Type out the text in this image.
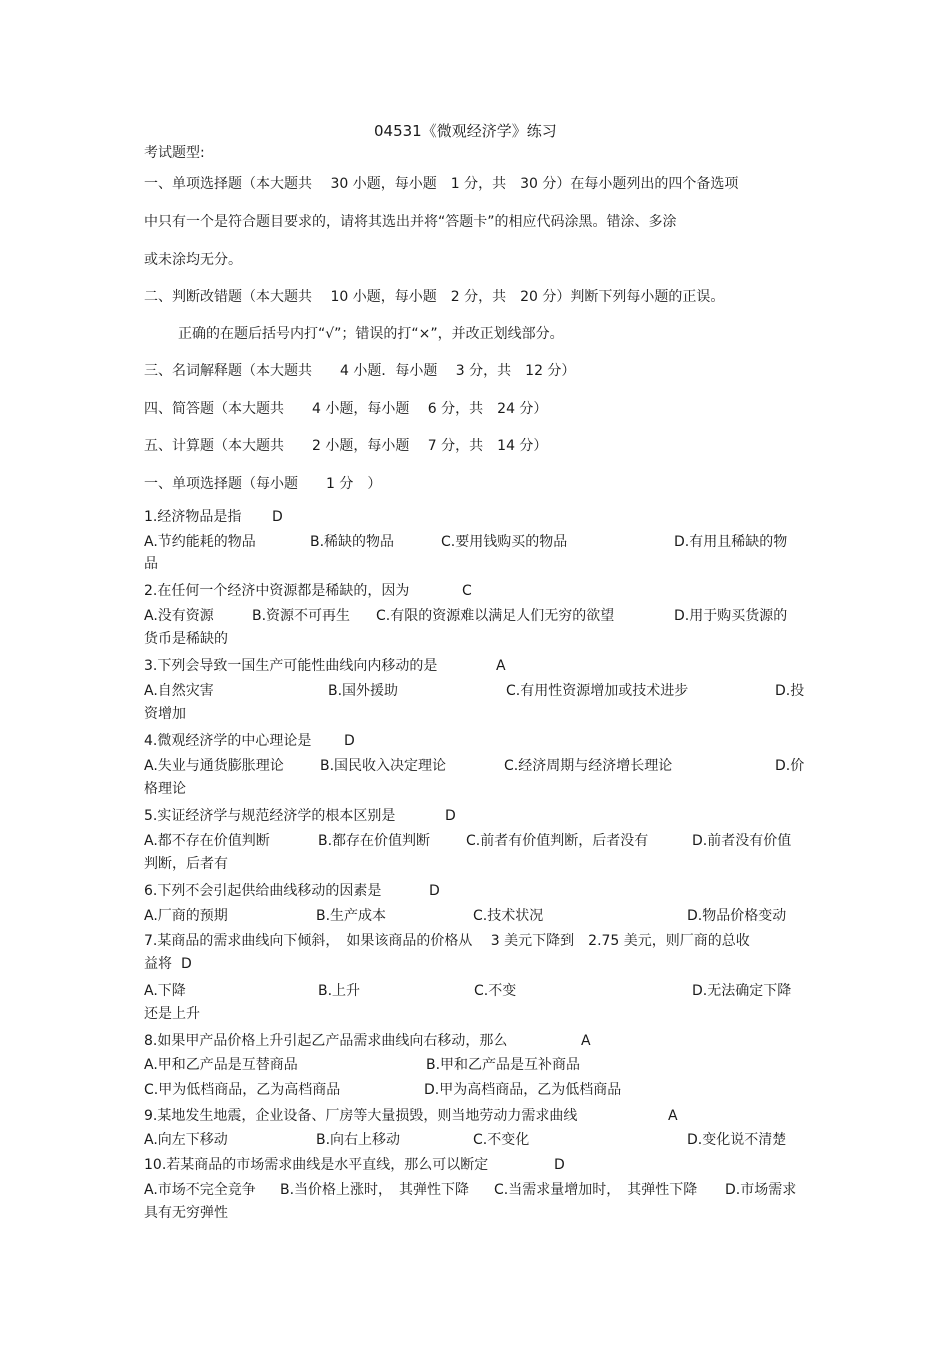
04531《微观经济学》练习
考试题型:
一、单项选择题（本大题共　 30 小题，每小题　1 分，共　30 分）在每小题列出的四个备选项
中只有一个是符合题目要求的，请将其选出并将“答题卡”的相应代码涂黑。错涂、多涂
或未涂均无分。
二、判断改错题（本大题共　 10 小题，每小题　2 分，共　20 分）判断下列每小题的正误。
正确的在题后括号内打“√”；错误的打“×”，并改正划线部分。
三、名词解释题（本大题共　　4 小题．每小题　 3 分，共　12 分）
四、简答题（本大题共　　4 小题，每小题　 6 分，共　24 分）
五、计算题（本大题共　　2 小题，每小题　 7 分，共　14 分）
一、单项选择题（每小题　　1 分　）
1.经济物品是指 D
A.节约能耗的物品	B.稀缺的物品	C.要用钱购买的物品	D.有用且稀缺的物
品
2.在任何一个经济中资源都是稀缺的，因为	C
A.没有资源	B.资源不可再生 C.有限的资源难以满足人们无穷的欲望	D.用于购买货源的
货币是稀缺的
3.下列会导致一国生产可能性曲线向内移动的是	A
A.自然灾害	B.国外援助	C.有用性资源增加或技术进步	D.投
资增加
4.微观经济学的中心理论是 D
A.失业与通货膨胀理论	B.国民收入决定理论	C.经济周期与经济增长理论	D.价
格理论
5.实证经济学与规范经济学的根本区别是	D
A.都不存在价值判断	B.都存在价值判断	C.前者有价值判断，后者没有	D.前者没有价值
判断，后者有
6.下列不会引起供给曲线移动的因素是	D
A.厂商的预期	B.生产成本	C.技术状况	D.物品价格变动
7.某商品的需求曲线向下倾斜，　如果该商品的价格从　 3 美元下降到　2.75 美元，则厂商的总收
益将 D
A.下降	B.上升	C.不变	D.无法确定下降
还是上升
8.如果甲产品价格上升引起乙产品需求曲线向右移动，那么	A
A.甲和乙产品是互替商品	B.甲和乙产品是互补商品
C.甲为低档商品，乙为高档商品	D.甲为高档商品，乙为低档商品
9.某地发生地震，企业设备、厂房等大量损毁，则当地劳动力需求曲线	A
A.向左下移动	B.向右上移动	C.不变化	D.变化说不清楚
10.若某商品的市场需求曲线是水平直线，那么可以断定	D
A.市场不完全竞争 B.当价格上涨时，　其弹性下降 C.当需求量增加时，　其弹性下降 D.市场需求
具有无穷弹性
